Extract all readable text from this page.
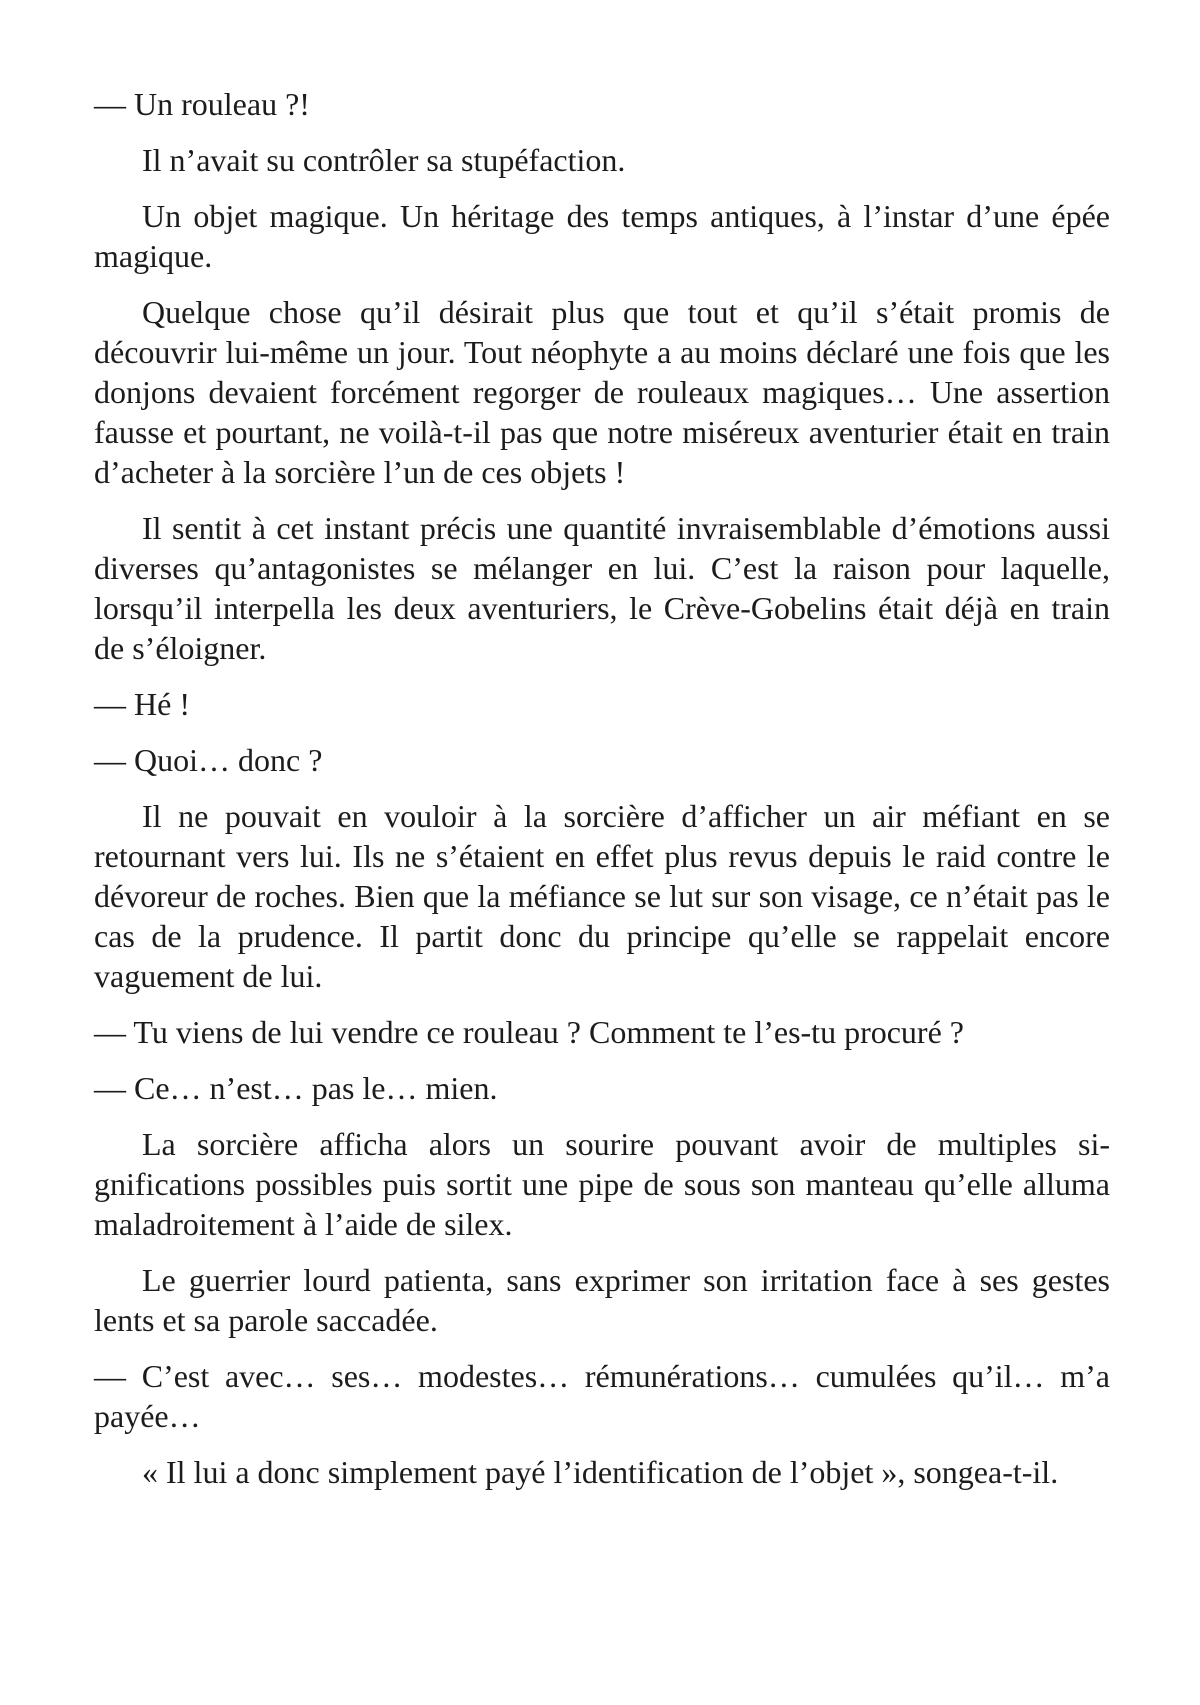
— Un rouleau ?!

Il n’avait su contrôler sa stupéfaction.

Un objet magique. Un héritage des temps antiques, à l’instar d’une épée magique.

Quelque chose qu’il désirait plus que tout et qu’il s’était promis de découvrir lui-même un jour. Tout néophyte a au moins déclaré une fois que les donjons devaient forcément regorger de rouleaux magiques… Une assertion fausse et pourtant, ne voilà-t-il pas que notre miséreux aventurier était en train d’acheter à la sorcière l’un de ces objets !

Il sentit à cet instant précis une quantité invraisemblable d’émotions aussi diverses qu’antagonistes se mélanger en lui. C’est la raison pour laquelle, lorsqu’il interpella les deux aventuriers, le Crève-Gobelins était déjà en train de s’éloigner.

— Hé !

— Quoi… donc ?

Il ne pouvait en vouloir à la sorcière d’afficher un air méfiant en se retournant vers lui. Ils ne s’étaient en effet plus revus depuis le raid contre le dévoreur de roches. Bien que la méfiance se lut sur son visage, ce n’était pas le cas de la prudence. Il partit donc du principe qu’elle se rappelait encore vaguement de lui.

— Tu viens de lui vendre ce rouleau ? Comment te l’es-tu procuré ?

— Ce… n’est… pas le… mien.

La sorcière afficha alors un sourire pouvant avoir de multiples significations possibles puis sortit une pipe de sous son manteau qu’elle alluma maladroitement à l’aide de silex.

Le guerrier lourd patienta, sans exprimer son irritation face à ses gestes lents et sa parole saccadée.

— C’est avec… ses… modestes… rémunérations… cumulées qu’il… m’a payée…

« Il lui a donc simplement payé l’identification de l’objet », songea-t-il.
